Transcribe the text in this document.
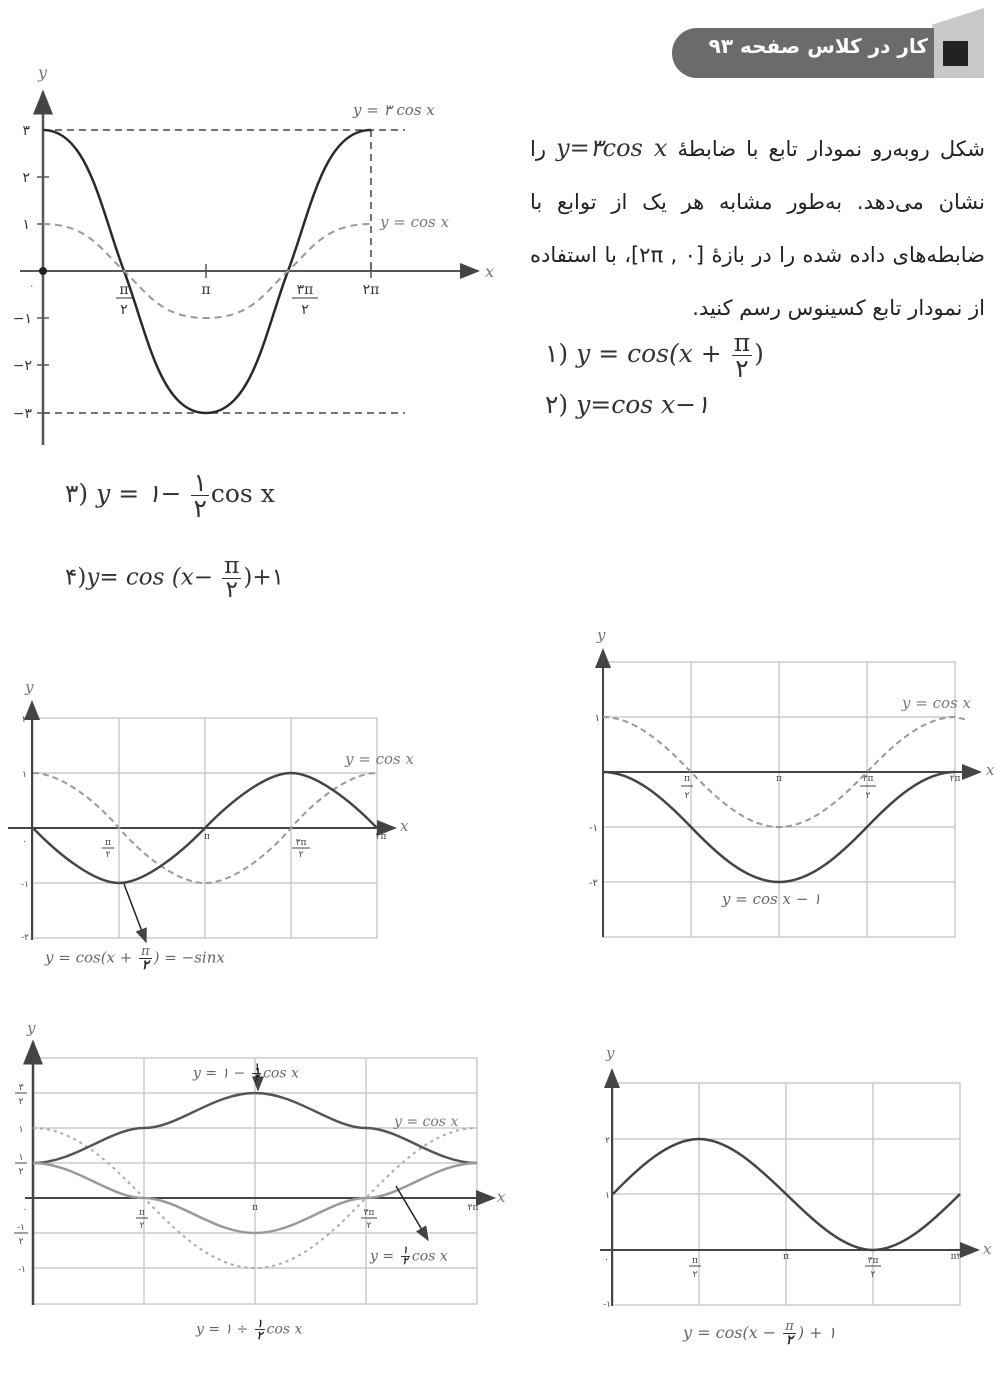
کار در کلاس صفحه ۹۳
شکل روبه‌رو نمودار تابع با ضابطهٔ y=۳cos x را نشان می‌دهد. به‌طور مشابه هر یک از توابع با ضابطه‌های داده شده را در بازهٔ [۲π , ۰]، با استفاده از نمودار تابع کسینوس رسم کنید.
۱) $y = \cos(x + \frac{\pi}{۲}$ )
۲) y=cos x−۱
۳) y = ۱− $\frac{۱}{۲}$ cos x
۴)y= $\cos (x- \frac{\pi}{۲}$ )+۱
y
x
۰
۳
۲
۱
−۱
−۲
−۳
π
۲
π	۳π
۲
۲π
y = ۳ cos x
y = cos x
y
x
۲
۱
-۱
-۲
۰	π
۲
π
۳π
۲
۲π
y = cos x
$y = \cos(x + \frac{\pi}{۲}$ ) = −sinx
y
x
۱
-۱
-۲
π
۲
π	۳π
۲
۲π
y = cos x
y = cos x − ۱
y
x
۳
۲
۱
۱
۲
۰
-۱
۲
-۱
π
۲
π	۳π
۲
۲π
y = cos x
y = ۱ − $\frac{۱}{۲}$ cos x
$y = \frac{۱}{۲}$ cos x
y = ۱ ÷ $\frac{۱}{۲}$ cos x
y
x
۲
۱
-۱
۰	π
۲
π	۳π
۲
π۲
$y = \cos(x - \frac{\pi}{۲}$ ) + ۱
